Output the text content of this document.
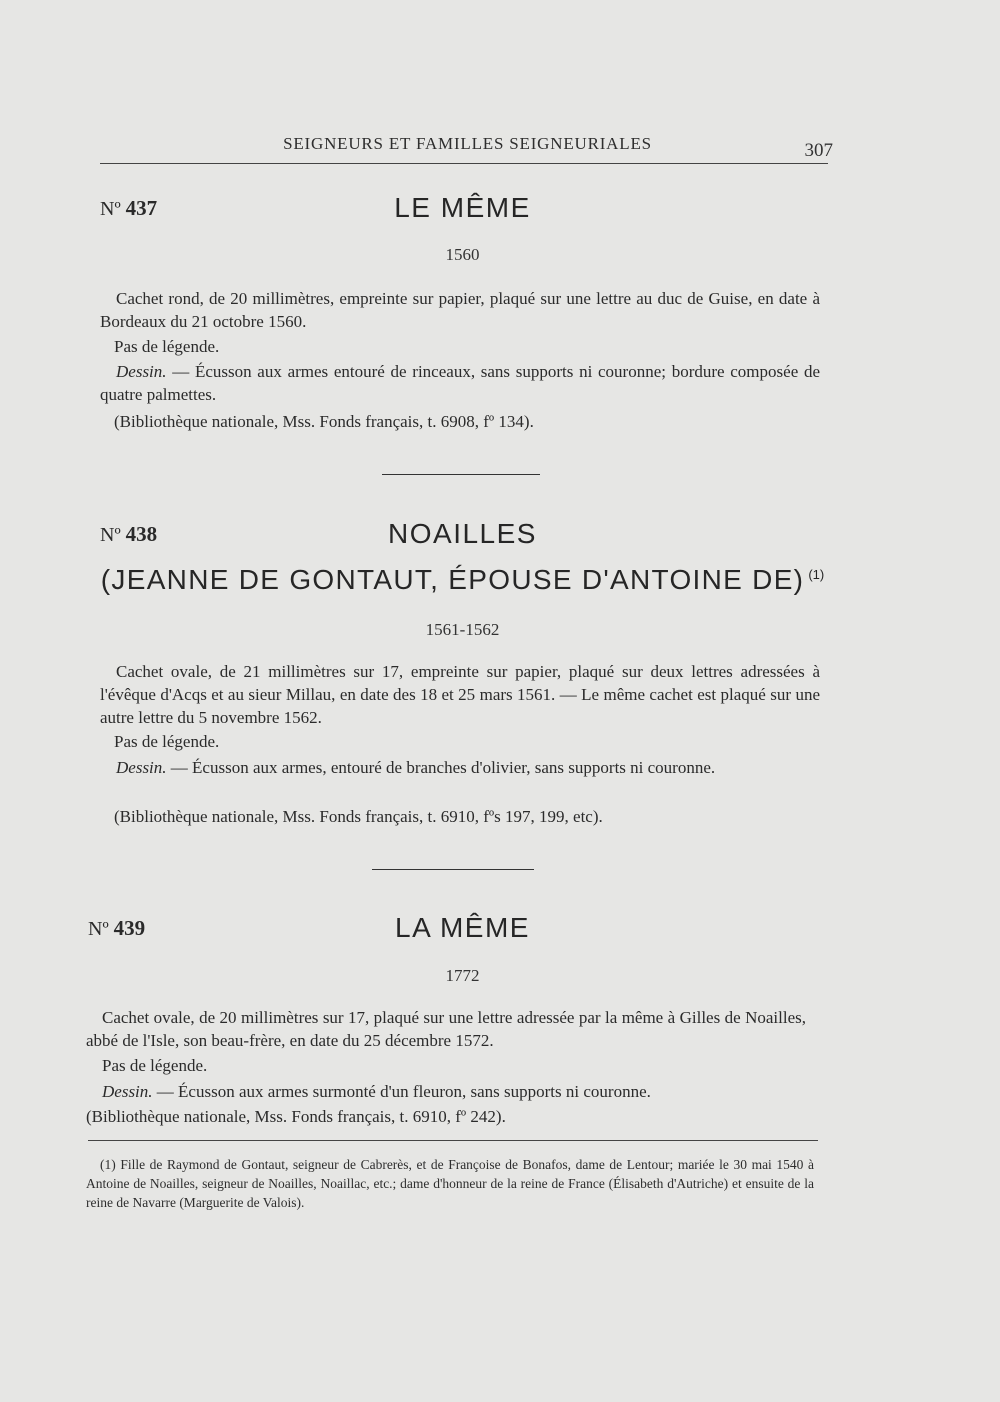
SEIGNEURS ET FAMILLES SEIGNEURIALES	307
Nº 437	LE MÊME
1560

Cachet rond, de 20 millimètres, empreinte sur papier, plaqué sur une lettre au duc de Guise, en date à Bordeaux du 21 octobre 1560.

Pas de légende.

Dessin. — Écusson aux armes entouré de rinceaux, sans supports ni couronne; bordure composée de quatre palmettes.

(Bibliothèque nationale, Mss. Fonds français, t. 6908, fº 134).

Nº 438	NOAILLES
(JEANNE DE GONTAUT, ÉPOUSE D'ANTOINE DE) $^{(1)}$
1561-1562

Cachet ovale, de 21 millimètres sur 17, empreinte sur papier, plaqué sur deux lettres adressées à l'évêque d'Acqs et au sieur Millau, en date des 18 et 25 mars 1561. — Le même cachet est plaqué sur une autre lettre du 5 novembre 1562.

Pas de légende.

Dessin. — Écusson aux armes, entouré de branches d'olivier, sans supports ni couronne.

(Bibliothèque nationale, Mss. Fonds français, t. 6910, fºs 197, 199, etc).

Nº 439	LA MÊME
1772

Cachet ovale, de 20 millimètres sur 17, plaqué sur une lettre adressée par la même à Gilles de Noailles, abbé de l'Isle, son beau-frère, en date du 25 décembre 1572.

Pas de légende.

Dessin. — Écusson aux armes surmonté d'un fleuron, sans supports ni couronne.

(Bibliothèque nationale, Mss. Fonds français, t. 6910, fº 242).

(1) Fille de Raymond de Gontaut, seigneur de Cabrerès, et de Françoise de Bonafos, dame de Lentour; mariée le 30 mai 1540 à Antoine de Noailles, seigneur de Noailles, Noaillac, etc.; dame d'honneur de la reine de France (Élisabeth d'Autriche) et ensuite de la reine de Navarre (Marguerite de Valois).
